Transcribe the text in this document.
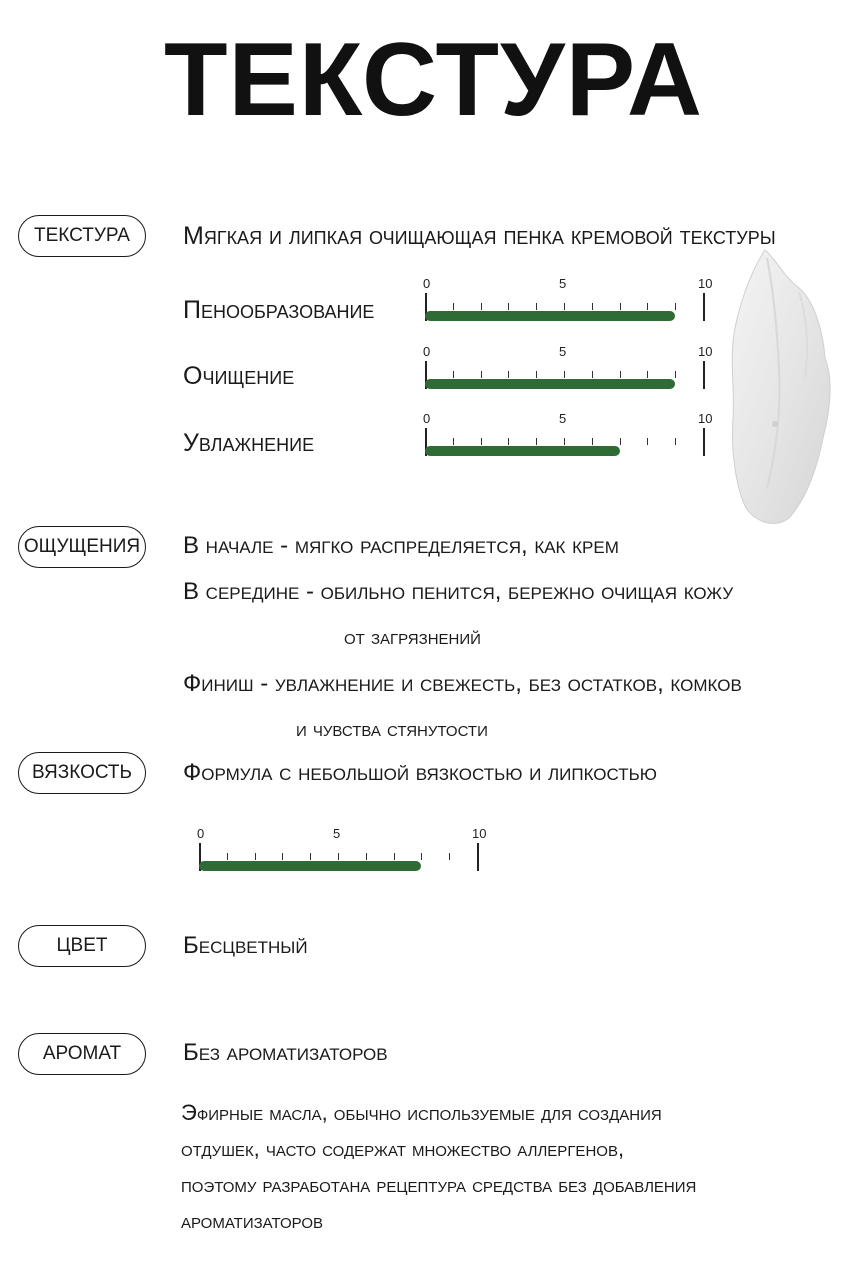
ТЕКСТУРА
ТЕКСТУРА	Мягкая и липкая очищающая пенка кремовой текстуры
Пенообразование
0	5	10
Очищение
0	5	10
Увлажнение
0	5	10
ОЩУЩЕНИЯ В начале - мягко распределяется, как крем
В середине - обильно пенится, бережно очищая кожу
от загрязнений
Финиш - увлажнение и свежесть, без остатков, комков
и чувства стянутости
ВЯЗКОСТЬ	Формула с небольшой вязкостью и липкостью
0	5	10
ЦВЕТ	Бесцветный
АРОМАТ	Без ароматизаторов
Эфирные масла, обычно используемые для создания
отдушек, часто содержат множество аллергенов,
поэтому разработана рецептура средства без добавления
ароматизаторов
